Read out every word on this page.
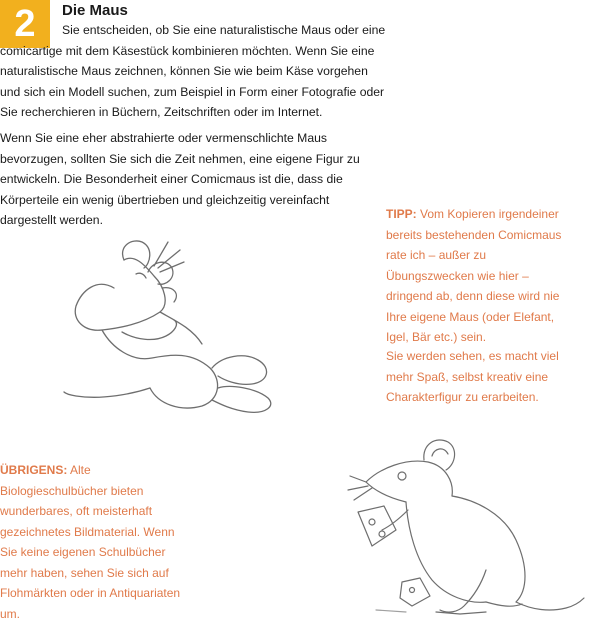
2 Die Maus

Sie entscheiden, ob Sie eine naturalistische Maus oder eine comicartige mit dem Käsestück kombinieren möchten. Wenn Sie eine naturalistische Maus zeichnen, können Sie wie beim Käse vorgehen und sich ein Modell suchen, zum Beispiel in Form einer Fotografie oder Sie recherchieren in Büchern, Zeitschriften oder im Internet.

Wenn Sie eine eher abstrahierte oder vermenschlichte Maus bevorzugen, sollten Sie sich die Zeit nehmen, eine eigene Figur zu entwickeln. Die Besonderheit einer Comicmaus ist die, dass die Körperteile ein wenig übertrieben und gleichzeitig vereinfacht dargestellt werden.	TIPP: Vom Kopieren irgendeiner bereits bestehenden Comicmaus rate ich – außer zu Übungszwecken wie hier – dringend ab, denn diese wird nie Ihre eigene Maus (oder Elefant, Igel, Bär etc.) sein.

Sie werden sehen, es macht viel mehr Spaß, selbst kreativ eine Charakterfigur zu erarbeiten.

ÜBRIGENS: Alte Biologieschulbücher bieten wunderbares, oft meisterhaft gezeichnetes Bildmaterial. Wenn Sie keine eigenen Schulbücher mehr haben, sehen Sie sich auf Flohmärkten oder in Antiquariaten um.
